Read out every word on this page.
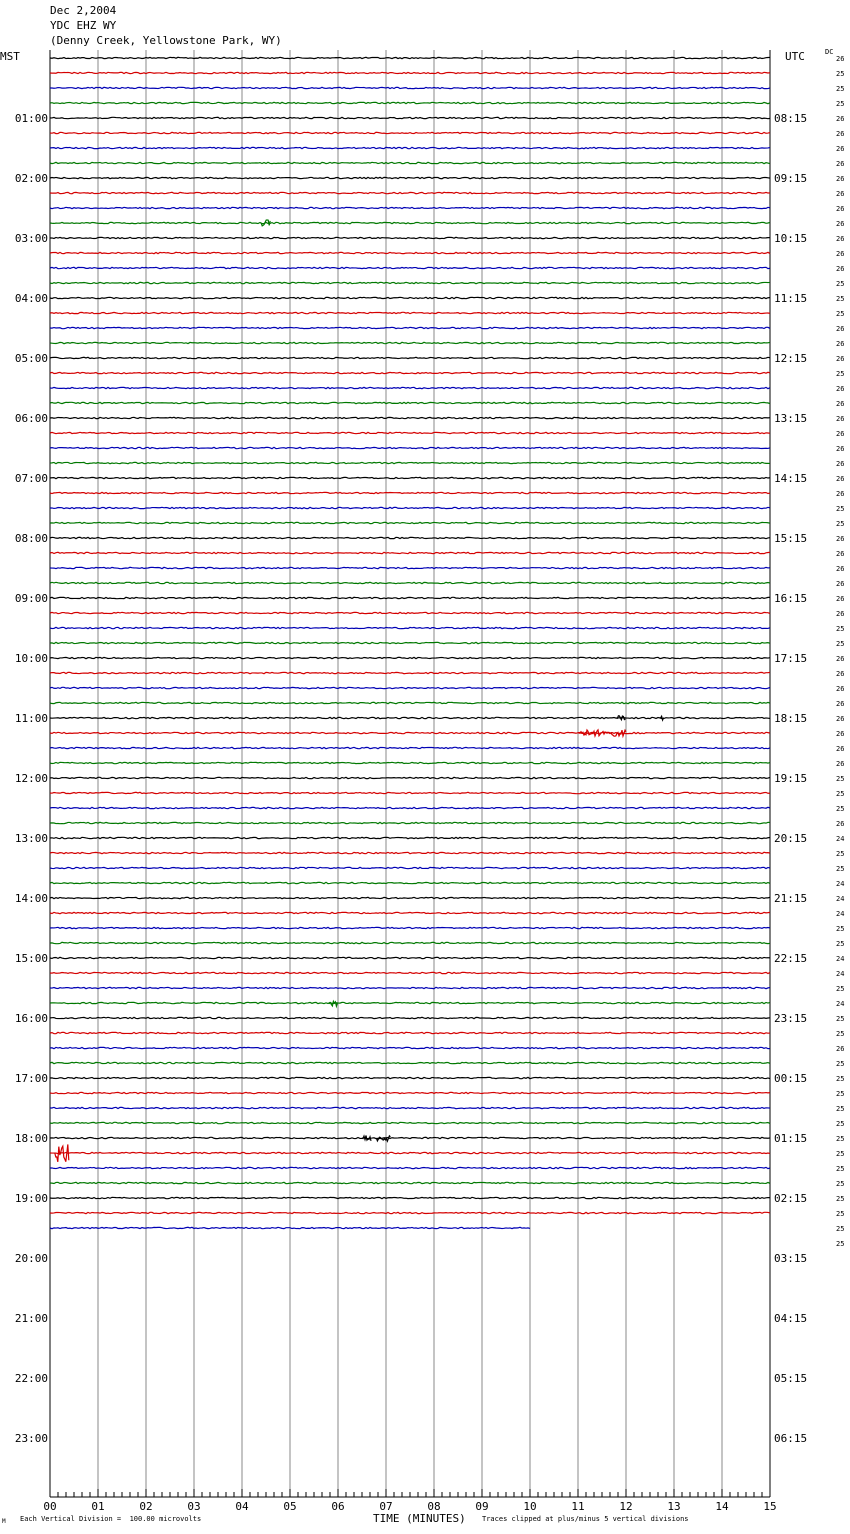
Dec 2,2004
YDC EHZ WY
(Denny Creek, Yellowstone Park, WY)
MST	UTC	DC
00	01	02	03	04	05	06	07	08	09	10	11	12	13	14	15
01:00	08:15
02:00	09:15
03:00	10:15
04:00	11:15
05:00	12:15
06:00	13:15
07:00	14:15
08:00	15:15
09:00	16:15
10:00	17:15
11:00	18:15
12:00	19:15
13:00	20:15
14:00	21:15
15:00	22:15
16:00	23:15
17:00	00:15
18:00	01:15
19:00	02:15
20:00	03:15
21:00	04:15
22:00	05:15
23:00	06:15
26
25
25
25
26
26
26
26
26
26
26
26
26
26
26
25
25
25
26
26
26
25
26
26
26
26
26
26
26
26
25
25
26
26
26
26
26
26
25
25
26
26
26
26
26
26
26
26
25
25
25
26
24
25
25
24
24
24
25
25
24
24
25
24
25
25
26
25
25
25
25
25
25
25
25
25
25
25
25
25
Each Vertical Division =  100.00 microvolts	TIME (MINUTES) Traces clipped at plus/minus 5 vertical divisions
M
